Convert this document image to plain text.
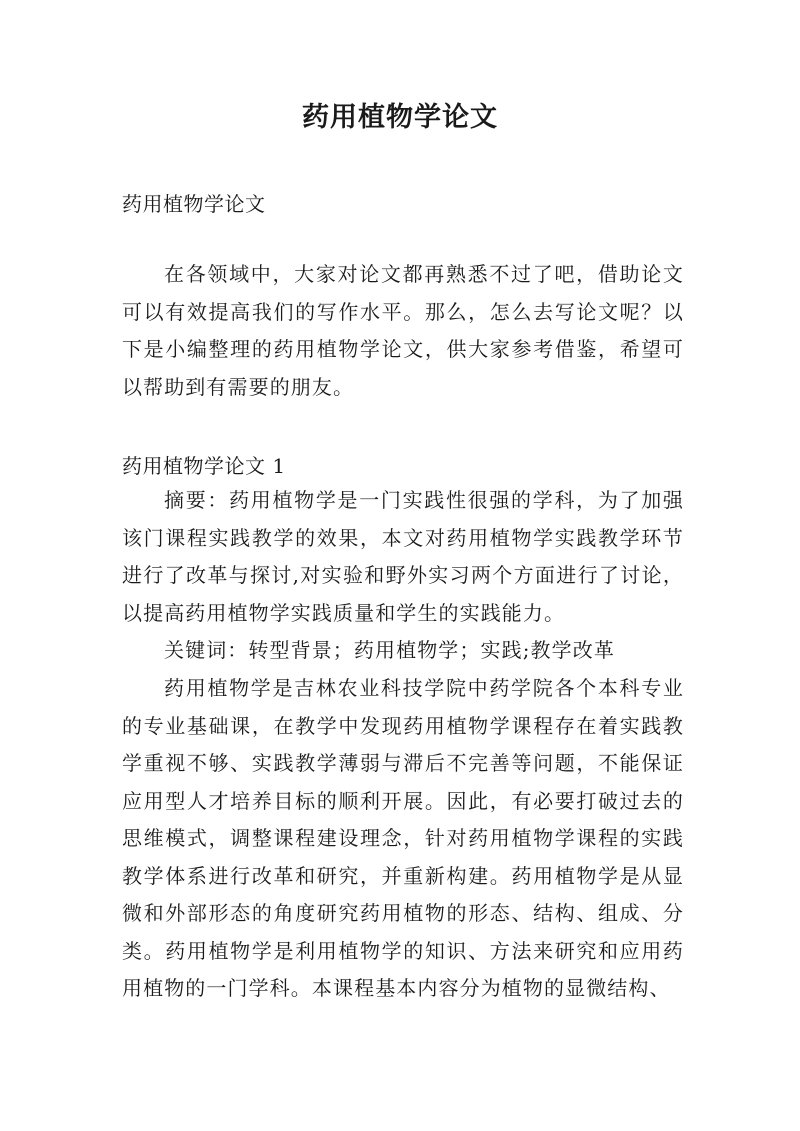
药用植物学论文
药用植物学论文

在各领域中，大家对论文都再熟悉不过了吧，借助论文可以有效提高我们的写作水平。那么，怎么去写论文呢？以下是小编整理的药用植物学论文，供大家参考借鉴，希望可以帮助到有需要的朋友。

药用植物学论文 1

摘要：药用植物学是一门实践性很强的学科，为了加强该门课程实践教学的效果，本文对药用植物学实践教学环节进行了改革与探讨,对实验和野外实习两个方面进行了讨论，以提高药用植物学实践质量和学生的实践能力。

关键词：转型背景；药用植物学；实践;教学改革

药用植物学是吉林农业科技学院中药学院各个本科专业的专业基础课，在教学中发现药用植物学课程存在着实践教学重视不够、实践教学薄弱与滞后不完善等问题，不能保证应用型人才培养目标的顺利开展。因此，有必要打破过去的思维模式，调整课程建设理念，针对药用植物学课程的实践教学体系进行改革和研究，并重新构建。药用植物学是从显微和外部形态的角度研究药用植物的形态、结构、组成、分类。药用植物学是利用植物学的知识、方法来研究和应用药用植物的一门学科。本课程基本内容分为植物的显微结构、
